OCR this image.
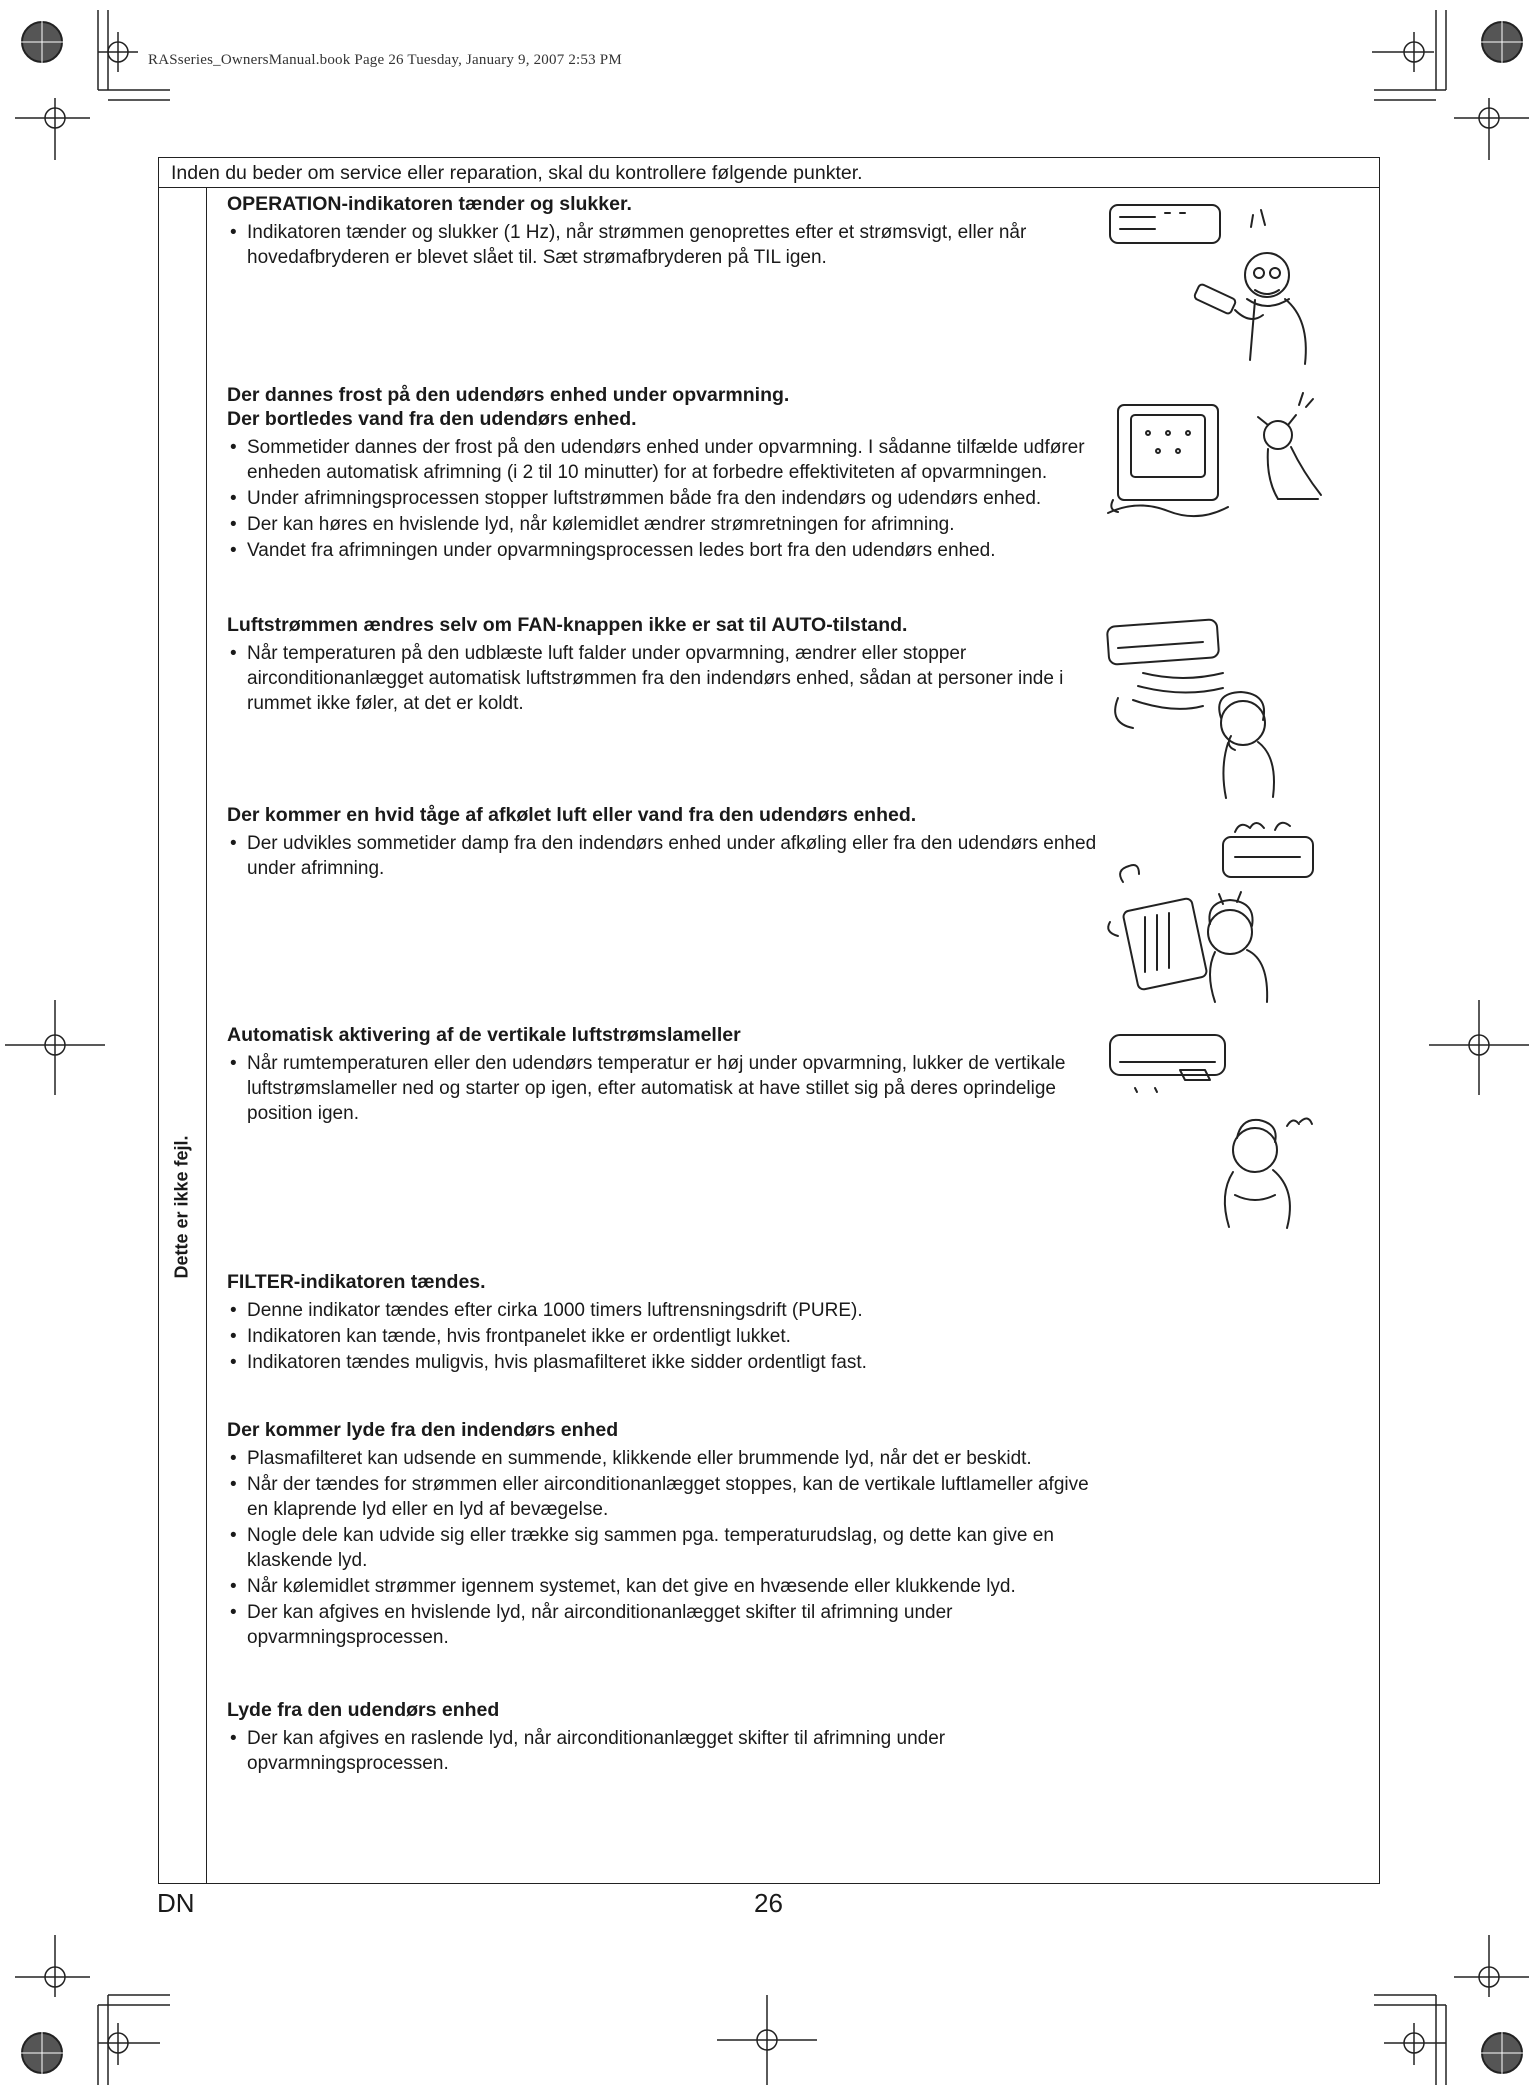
RASseries_OwnersManual.book Page 26 Tuesday, January 9, 2007 2:53 PM
Inden du beder om service eller reparation, skal du kontrollere følgende punkter.
Dette er ikke fejl.
OPERATION-indikatoren tænder og slukker.
• Indikatoren tænder og slukker (1 Hz), når strømmen genoprettes efter et strømsvigt, eller når hovedafbryderen er blevet slået til. Sæt strømafbryderen på TIL igen.
Der dannes frost på den udendørs enhed under opvarmning.
Der bortledes vand fra den udendørs enhed.
• Sommetider dannes der frost på den udendørs enhed under opvarmning. I sådanne tilfælde udfører enheden automatisk afrimning (i 2 til 10 minutter) for at forbedre effektiviteten af opvarmningen.
• Under afrimningsprocessen stopper luftstrømmen både fra den indendørs og udendørs enhed.
• Der kan høres en hvislende lyd, når kølemidlet ændrer strømretningen for afrimning.
• Vandet fra afrimningen under opvarmningsprocessen ledes bort fra den udendørs enhed.
Luftstrømmen ændres selv om FAN-knappen ikke er sat til AUTO-tilstand.
• Når temperaturen på den udblæste luft falder under opvarmning, ændrer eller stopper airconditionanlægget automatisk luftstrømmen fra den indendørs enhed, sådan at personer inde i rummet ikke føler, at det er koldt.
Der kommer en hvid tåge af afkølet luft eller vand fra den udendørs enhed.
• Der udvikles sommetider damp fra den indendørs enhed under afkøling eller fra den udendørs enhed under afrimning.
Automatisk aktivering af de vertikale luftstrømslameller
• Når rumtemperaturen eller den udendørs temperatur er høj under opvarmning, lukker de vertikale luftstrømslameller ned og starter op igen, efter automatisk at have stillet sig på deres oprindelige position igen.
FILTER-indikatoren tændes.
• Denne indikator tændes efter cirka 1000 timers luftrensningsdrift (PURE).
• Indikatoren kan tænde, hvis frontpanelet ikke er ordentligt lukket.
• Indikatoren tændes muligvis, hvis plasmafilteret ikke sidder ordentligt fast.
Der kommer lyde fra den indendørs enhed
• Plasmafilteret kan udsende en summende, klikkende eller brummende lyd, når det er beskidt.
• Når der tændes for strømmen eller airconditionanlægget stoppes, kan de vertikale luftlameller afgive en klaprende lyd eller en lyd af bevægelse.
• Nogle dele kan udvide sig eller trække sig sammen pga. temperaturudslag, og dette kan give en klaskende lyd.
• Når kølemidlet strømmer igennem systemet, kan det give en hvæsende eller klukkende lyd.
• Der kan afgives en hvislende lyd, når airconditionanlægget skifter til afrimning under opvarmningsprocessen.
Lyde fra den udendørs enhed
• Der kan afgives en raslende lyd, når airconditionanlægget skifter til afrimning under opvarmningsprocessen.
DN	26
